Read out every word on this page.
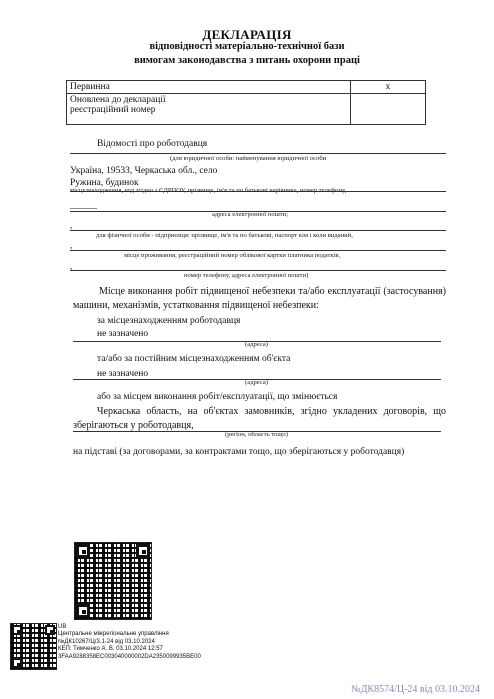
ДЕКЛАРАЦІЯ
відповідності матеріально-технічної бази
вимогам законодавства з питань охорони праці
Первинна	x
Оновлена до декларації
реєстраційний номер	
Відомості про роботодавця
(для юридичної особи: найменування юридичної особи
Україна, 19533, Черкаська обл., село
Ружина, будинок
місцезнаходження, код згідно з ЄДРПОУ, прізвище, ім'я та по батькові керівника, номер телефону,
______
адреса електронної пошти;
,
для фізичної особи - підприємця: прізвище, ім'я та по батькові, паспорт кім і коли виданий,
,
місце проживання, реєстраційний номер облікової картки платника податків,
,
номер телефону, адреса електронної пошти)
Місце виконання робіт підвищеної небезпеки та/або експлуатації (застосування) машини, механізмів, устатковання підвищеної небезпеки:
за місцезнаходженням роботодавця
не зазначено
(адреса)
та/або за постійним місцезнаходженням об'єкта
не зазначено
(адреса)
або за місцем виконання робіт/експлуатації, що змінюється
Черкаська область, на об'єктах замовників, згідно укладених договорів, що зберігаються у роботодавця,
(регіон, область тощо)
на підставі (за договорами, за контрактами тощо, що зберігаються у роботодавця)
UB
Центральне міжрегіональне управління
№ДК10267/Ц/3.1-24 від 03.10.2024
КЕП: Тимченко А. В. 03.10.2024 12:57
3FAA9288358EC003040000002DA2350099935BE00
№ДК8574/Ц-24 від 03.10.2024
